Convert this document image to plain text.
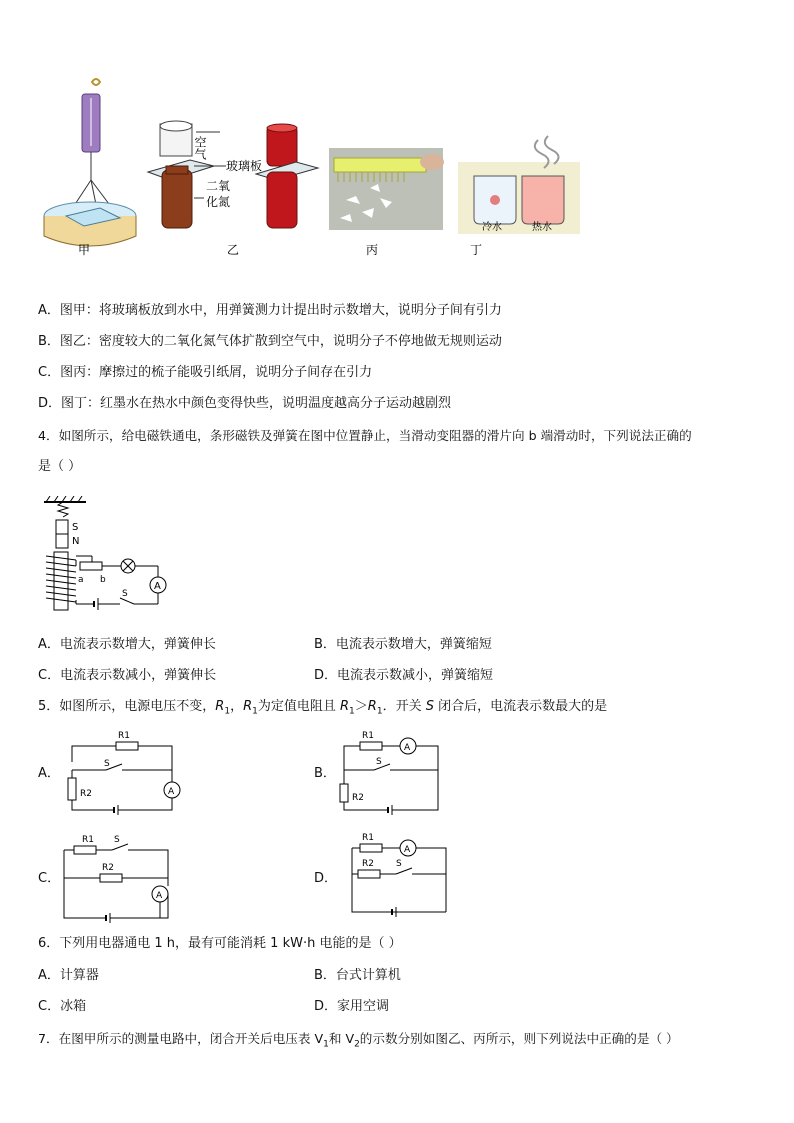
甲
空气
玻璃板
二氧化氮
乙	丙
冷水	热水
丁
A．图甲：将玻璃板放到水中，用弹簧测力计提出时示数增大，说明分子间有引力
B．图乙：密度较大的二氧化氮气体扩散到空气中，说明分子不停地做无规则运动
C．图丙：摩擦过的梳子能吸引纸屑，说明分子间存在引力
D．图丁：红墨水在热水中颜色变得快些，说明温度越高分子运动越剧烈
4．如图所示，给电磁铁通电，条形磁铁及弹簧在图中位置静止，当滑动变阻器的滑片向 b 端滑动时，下列说法正确的
是（ ）
S
N
a b
A
S
A．电流表示数增大，弹簧伸长	B．电流表示数增大，弹簧缩短
C．电流表示数减小，弹簧伸长	D．电流表示数减小，弹簧缩短
5．如图所示，电源电压不变，$R_1$，$R_1$为定值电阻且 $R_1>R_1$．开关 S 闭合后，电流表示数最大的是
A．	B．
C．	D．
R1
S
R2	A
R1
S
R2
A
R1 S
R2
A
R1
R2 S
A
6．下列用电器通电 1 h，最有可能消耗 1 kW·h 电能的是（ ）
A．计算器	B．台式计算机
C．冰箱	D．家用空调
7．在图甲所示的测量电路中，闭合开关后电压表 $V_1$和 $V_2$的示数分别如图乙、丙所示，则下列说法中正确的是（ ）
